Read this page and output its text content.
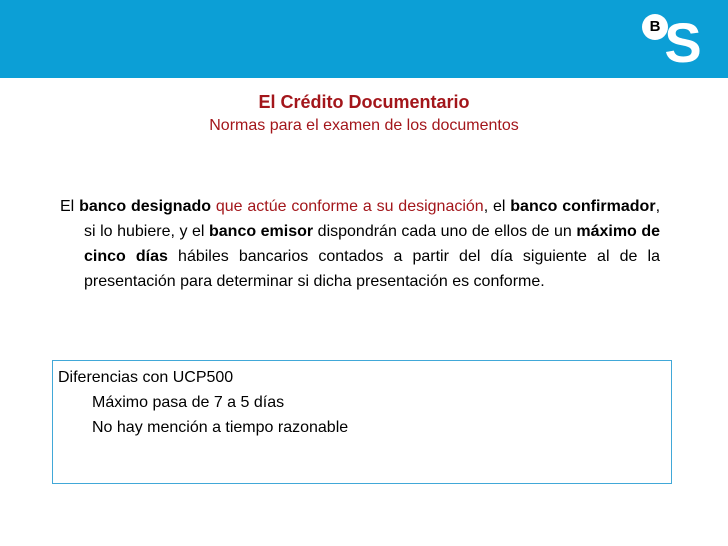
B S
El Crédito Documentario
Normas para el examen de los documentos
El banco designado que actúe conforme a su designación, el banco confirmador, si lo hubiere, y el banco emisor dispondrán cada uno de ellos de un máximo de cinco días hábiles bancarios contados a partir del día siguiente al de la presentación para determinar si dicha presentación es conforme.
Diferencias con UCP500
Máximo pasa de 7 a 5 días
No hay mención a tiempo razonable
